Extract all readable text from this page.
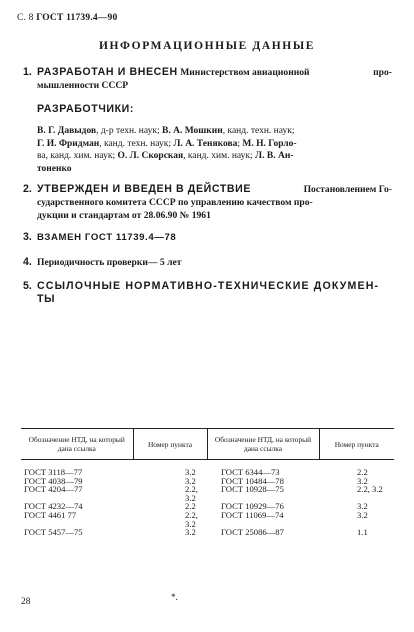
С. 8 ГОСТ 11739.4—90
ИНФОРМАЦИОННЫЕ ДАННЫЕ
1. РАЗРАБОТАН И ВНЕСЕН Министерством авиационной	про-
мышленности СССР
РАЗРАБОТЧИКИ:
В. Г. Давыдов, д-р техн. наук; В. А. Мошкин, канд. техн. наук;
Г. И. Фридман, канд. техн. наук; Л. А. Тенякова; М. Н. Горло-
ва, канд. хим. наук; О. Л. Скорская, канд. хим. наук; Л. В. Ан-
тоненко
2. УТВЕРЖДЕН И ВВЕДЕН В ДЕЙСТВИЕ	Постановлением Го-
сударственного комитета СССР по управлению качеством про-
дукции и стандартам от 28.06.90 № 1961
3. ВЗАМЕН ГОСТ 11739.4—78
4. Периодичность проверки— 5 лет
5. ССЫЛОЧНЫЕ НОРМАТИВНО-ТЕХНИЧЕСКИЕ ДОКУМЕН-
ТЫ
Обозначение НТД, на который дана ссылка	Номер пункта	Обозначение НТД, на который дана ссылка	Номер пункта
ГОСТ 3118—77	3.2	ГОСТ 6344—73	2.2
ГОСТ 4038—79	3.2	ГОСТ 10484—78	3.2
ГОСТ 4204—77	2.2, 3.2	ГОСТ 10928—75	2.2, 3.2
ГОСТ 4232—74	2.2	ГОСТ 10929—76	3.2
ГОСТ 4461 77	2.2, 3.2	ГОСТ 11069—74	3.2
ГОСТ 5457—75	3.2	ГОСТ 25086—87	1.1
*.
28
